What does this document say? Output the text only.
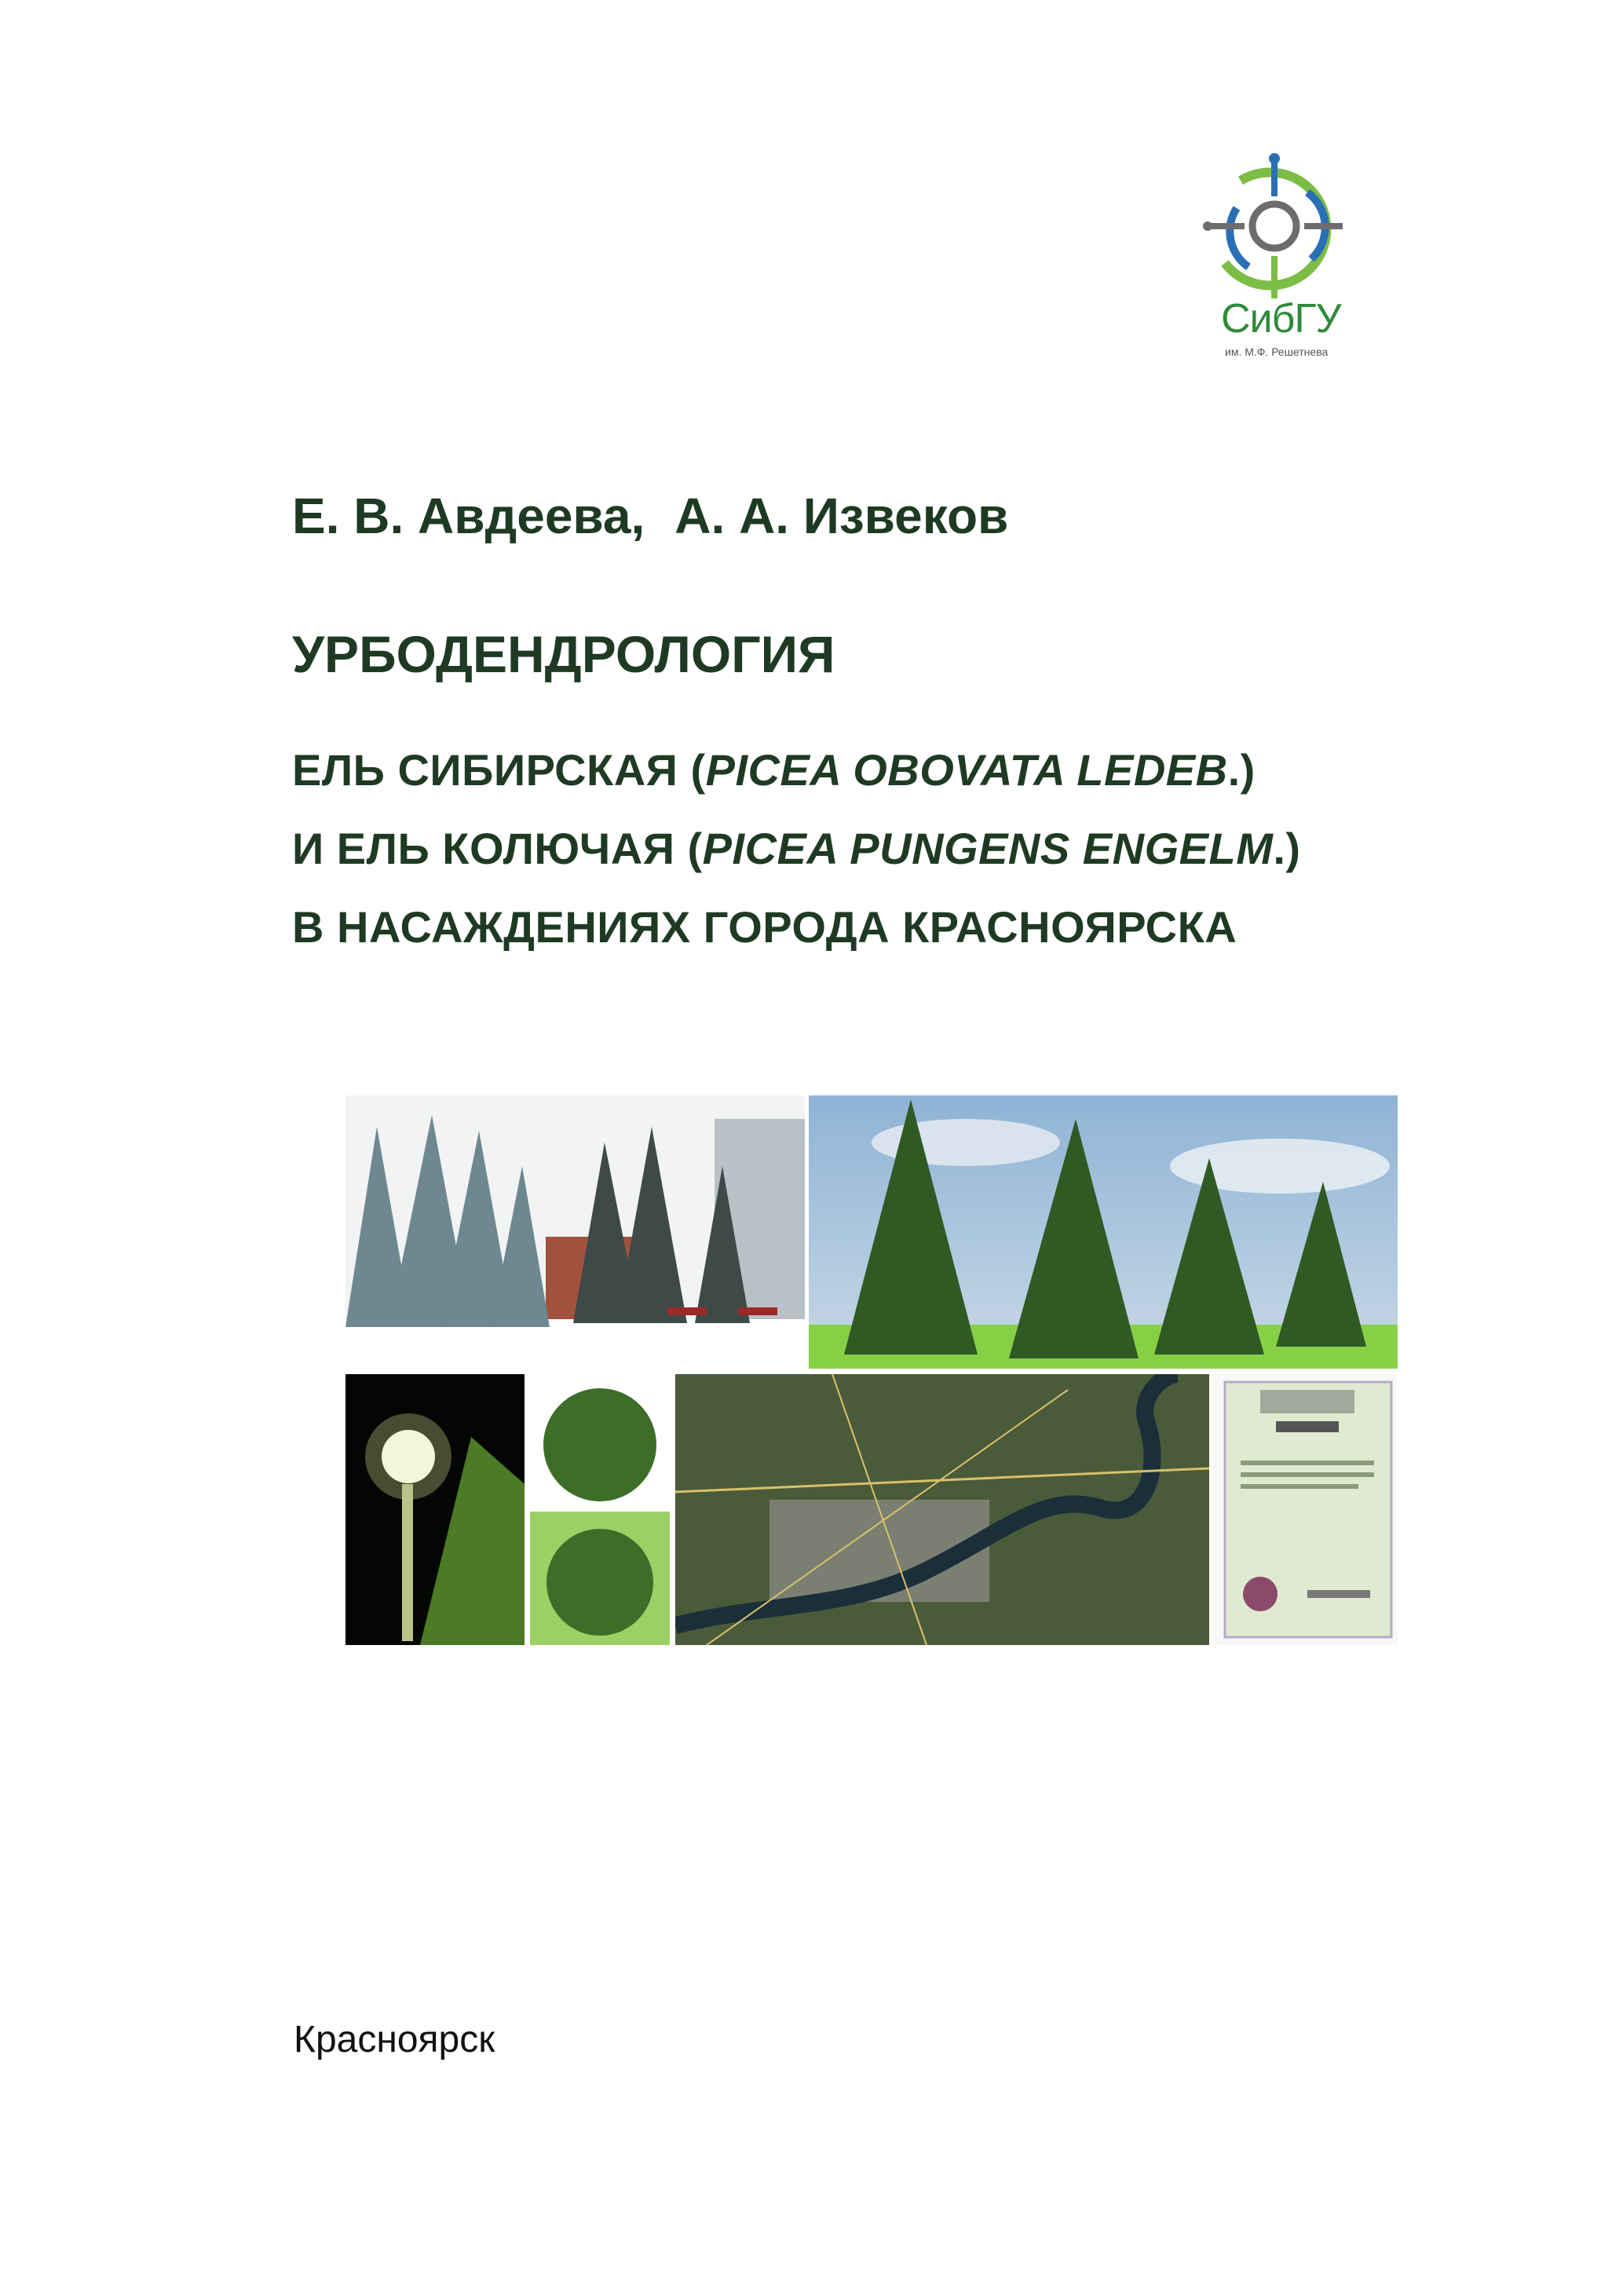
СибГУ
им. М.Ф. Решетнева
Е. В. Авдеева, А. А. Извеков
УРБОДЕНДРОЛОГИЯ
ЕЛЬ СИБИРСКАЯ (PICEA OBOVATA LEDEB.)
И ЕЛЬ КОЛЮЧАЯ (PICEA PUNGENS ENGELM.)
В НАСАЖДЕНИЯХ ГОРОДА КРАСНОЯРСКА
Красноярск
